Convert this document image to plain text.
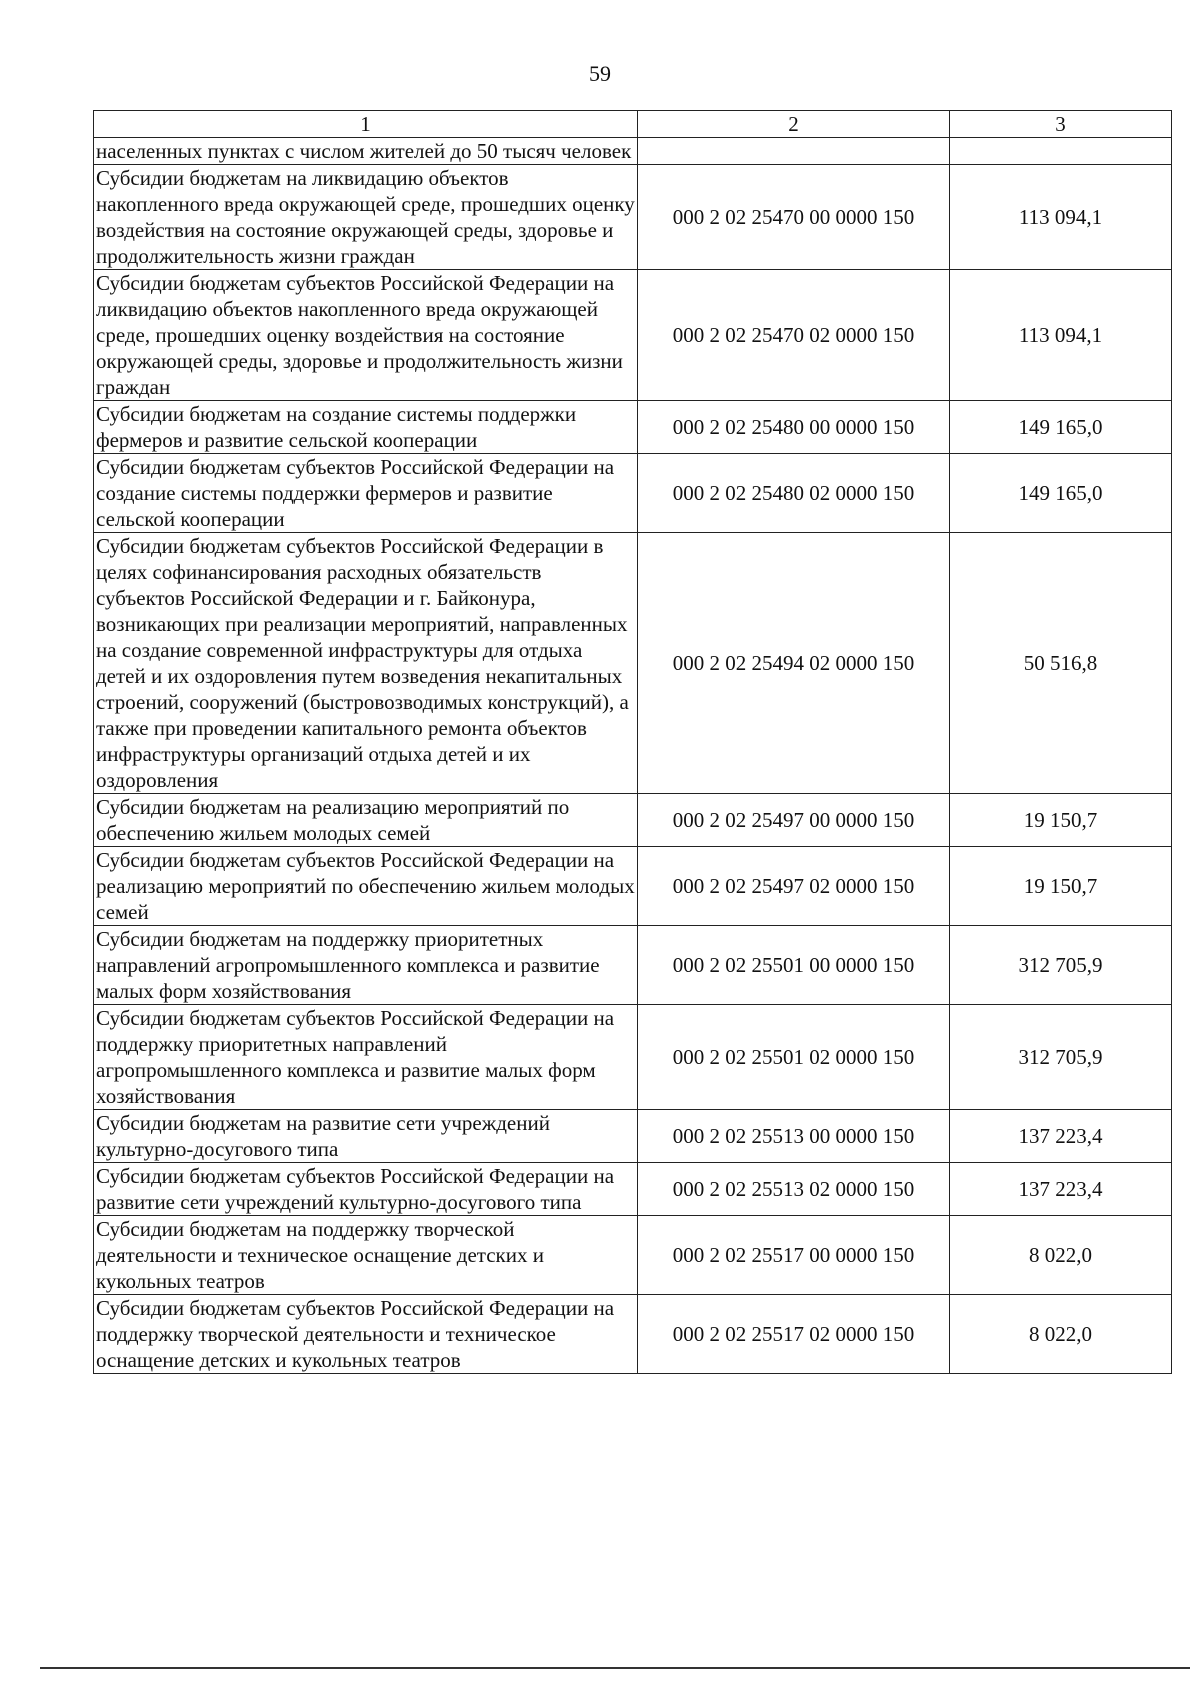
59
1	2	3
населенных пунктах с числом жителей до 50 тысяч человек		
Субсидии бюджетам на ликвидацию объектов накопленного вреда окружающей среде, прошедших оценку воздействия на состояние окружающей среды, здоровье и продолжительность жизни граждан	000 2 02 25470 00 0000 150	113 094,1
Субсидии бюджетам субъектов Российской Федерации на ликвидацию объектов накопленного вреда окружающей среде, прошедших оценку воздействия на состояние окружающей среды, здоровье и продолжительность жизни граждан	000 2 02 25470 02 0000 150	113 094,1
Субсидии бюджетам на создание системы поддержки фермеров и развитие сельской кооперации	000 2 02 25480 00 0000 150	149 165,0
Субсидии бюджетам субъектов Российской Федерации на создание системы поддержки фермеров и развитие сельской кооперации	000 2 02 25480 02 0000 150	149 165,0
Субсидии бюджетам субъектов Российской Федерации в целях софинансирования расходных обязательств субъектов Российской Федерации и г. Байконура, возникающих при реализации мероприятий, направленных на создание современной инфраструктуры для отдыха детей и их оздоровления путем возведения некапитальных строений, сооружений (быстровозводимых конструкций), а также при проведении капитального ремонта объектов инфраструктуры организаций отдыха детей и их оздоровления	000 2 02 25494 02 0000 150	50 516,8
Субсидии бюджетам на реализацию мероприятий по обеспечению жильем молодых семей	000 2 02 25497 00 0000 150	19 150,7
Субсидии бюджетам субъектов Российской Федерации на реализацию мероприятий по обеспечению жильем молодых семей	000 2 02 25497 02 0000 150	19 150,7
Субсидии бюджетам на поддержку приоритетных направлений агропромышленного комплекса и развитие малых форм хозяйствования	000 2 02 25501 00 0000 150	312 705,9
Субсидии бюджетам субъектов Российской Федерации на поддержку приоритетных направлений агропромышленного комплекса и развитие малых форм хозяйствования	000 2 02 25501 02 0000 150	312 705,9
Субсидии бюджетам на развитие сети учреждений культурно-досугового типа	000 2 02 25513 00 0000 150	137 223,4
Субсидии бюджетам субъектов Российской Федерации на развитие сети учреждений культурно-досугового типа	000 2 02 25513 02 0000 150	137 223,4
Субсидии бюджетам на поддержку творческой деятельности и техническое оснащение детских и кукольных театров	000 2 02 25517 00 0000 150	8 022,0
Субсидии бюджетам субъектов Российской Федерации на поддержку творческой деятельности и техническое оснащение детских и кукольных театров	000 2 02 25517 02 0000 150	8 022,0
